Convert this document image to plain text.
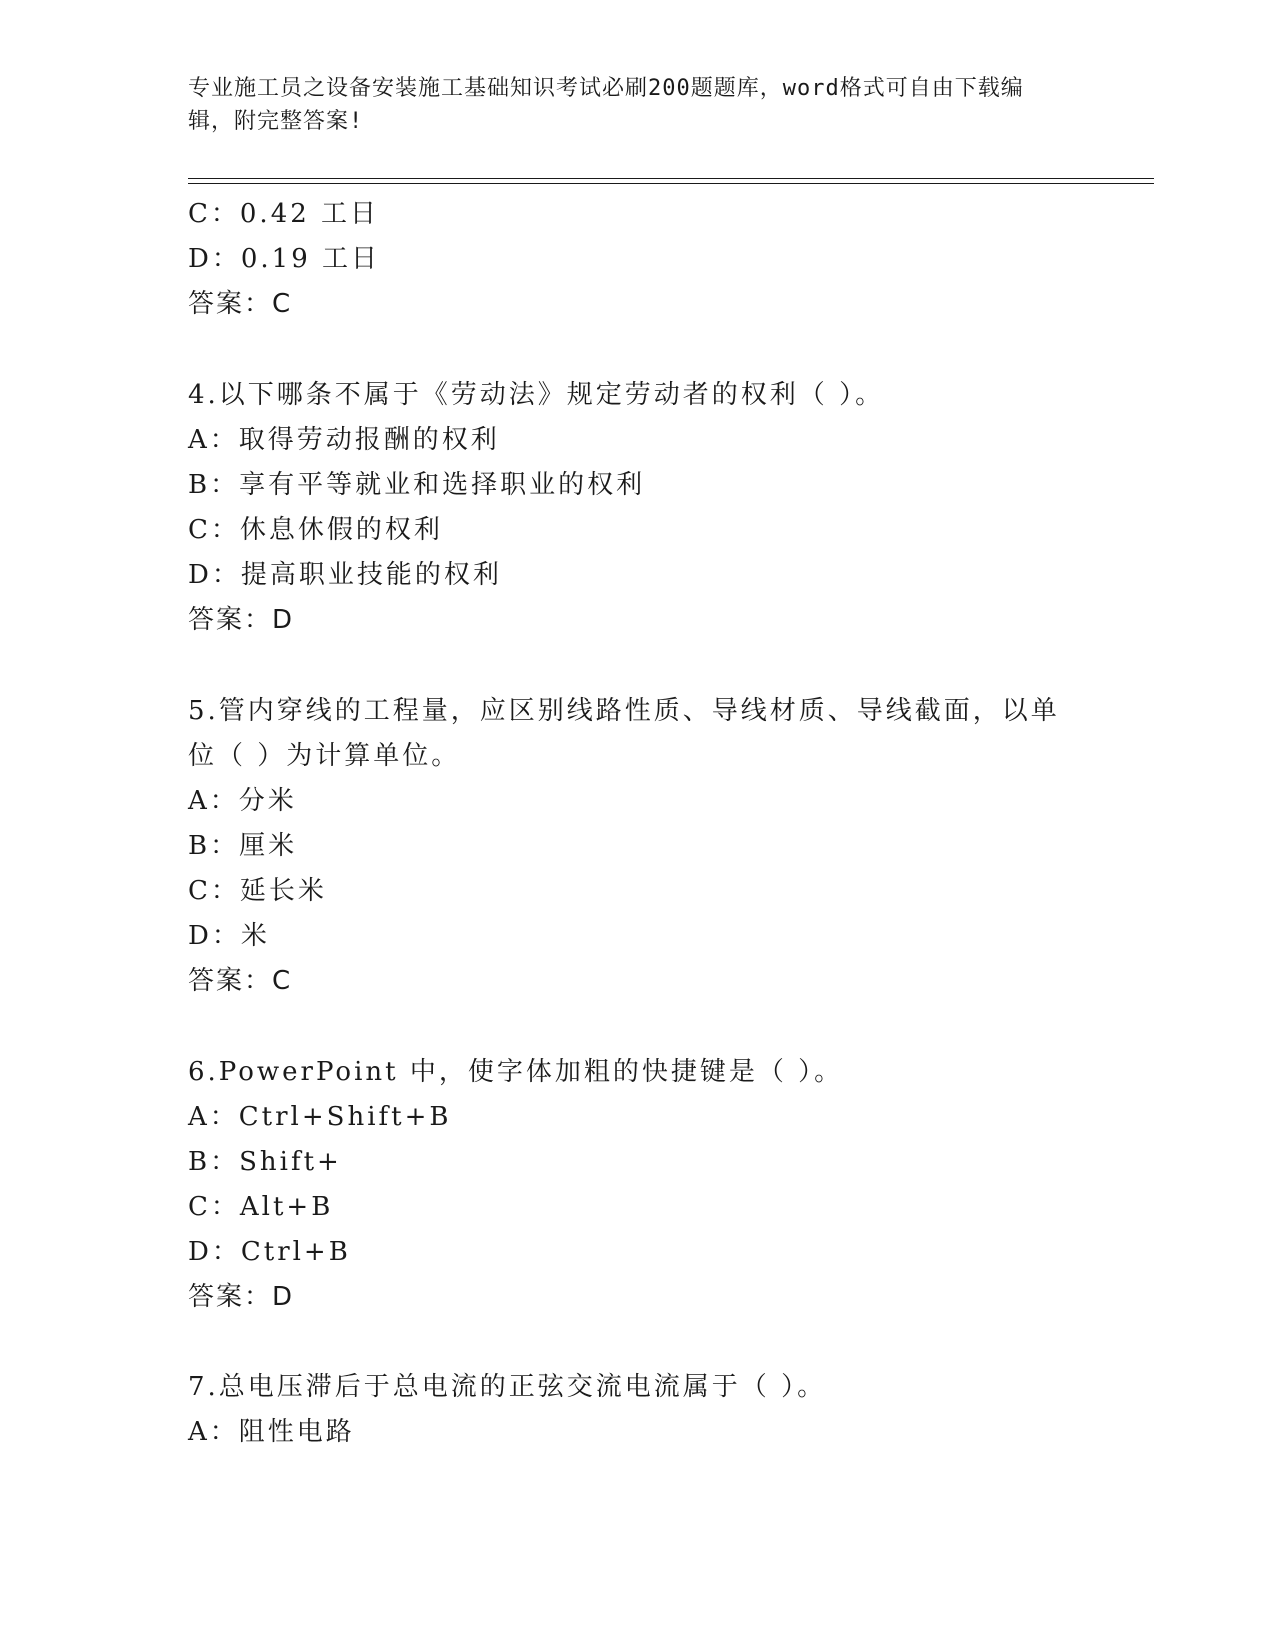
专业施工员之设备安装施工基础知识考试必刷200题题库，word格式可自由下载编辑，附完整答案!
C：0.42 工日
D：0.19 工日
答案：C
4.以下哪条不属于《劳动法》规定劳动者的权利（ ）。
A：取得劳动报酬的权利
B：享有平等就业和选择职业的权利
C：休息休假的权利
D：提高职业技能的权利
答案：D
5.管内穿线的工程量，应区别线路性质、导线材质、导线截面，以单
位（ ）为计算单位。
A：分米
B：厘米
C：延长米
D：米
答案：C
6.PowerPoint 中，使字体加粗的快捷键是（ ）。
A：Ctrl+Shift+B
B：Shift+
C：Alt+B
D：Ctrl+B
答案：D
7.总电压滞后于总电流的正弦交流电流属于（ ）。
A：阻性电路
